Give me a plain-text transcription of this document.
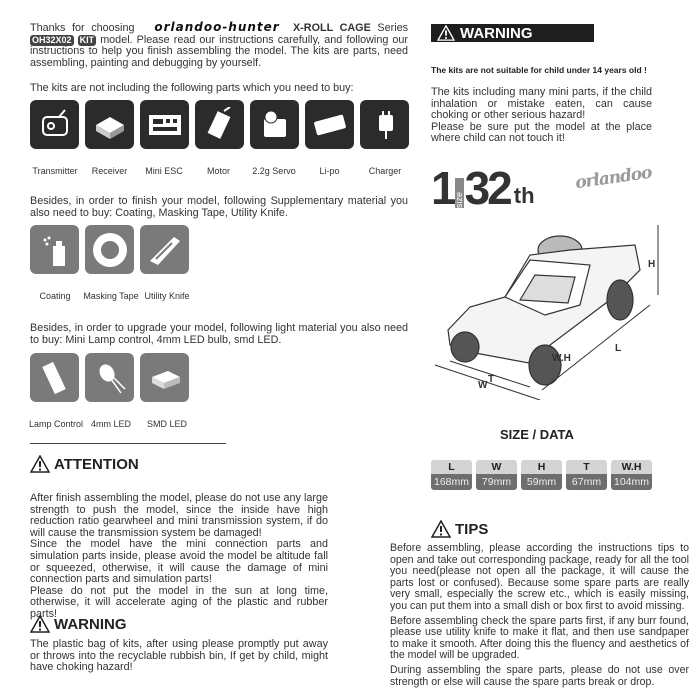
Thanks for choosing orlandoo-hunter X-ROLL CAGE Series OH32X02 KIT model. Please read our instructions carefully, and following our instructions to help you finish assembling the model. The kits are parts, need assembling, painting and debugging by yourself.
The kits are not including the following parts which you need to buy:
Transmitter	Receiver	Mini ESC	Motor	2.2g Servo	Li-po	Charger
Besides, in order to finish your model, following Supplementary material you also need to buy: Coating, Masking Tape, Utility Knife.
Coating	Masking Tape Utility Knife
Besides, in order to upgrade your model, following light material you also need to buy: Mini Lamp control, 4mm LED bulb, smd LED.
Lamp Control 4mm LED	SMD LED
ATTENTION

After finish assembling the model, please do not use any large strength to push the model, since the inside have high reduction ratio gearwheel and mini transmission system, if do will cause the transmission system be damaged!

Since the model have the mini connection parts and simulation parts inside, please avoid the model be altitude fall or squeezed, otherwise, it will cause the damage of mini connection parts and simulation parts!

Please do not put the model in the sun at long time, otherwise, it will accelerate aging of the plastic and rubber parts!

WARNING
The plastic bag of kits, after using please promptly put away or throws into the recyclable rubbish bin, If get by child, might have choking hazard!
WARNING
The kits are not suitable for child under 14 years old !

The kits including many mini parts, if the child inhalation or mistake eaten, can cause choking or other serious hazard!

Please be sure put the model at the place where child can not touch it!

1 size 32 th
orlandoo
H
L
W.H
W
T
SIZE / DATA
L	W	H	T	W.H
168mm	79mm	59mm	67mm	104mm
TIPS

Before assembling, please according the instructions tips to open and take out corresponding package, ready for all the tool you need(please not open all the package, it will cause the parts lost or confused). Because some spare parts are really very small, especially the screw etc., which is easily missing, you can put them into a small dish or box first to avoid missing.

Before assembling check the spare parts first, if any burr found, please use utility knife to make it flat, and then use sandpaper to make it smooth. After doing this the fluency and aesthetics of the model will be upgraded.

During assembling the spare parts, please do not use over strength or else will cause the spare parts break or drop.
